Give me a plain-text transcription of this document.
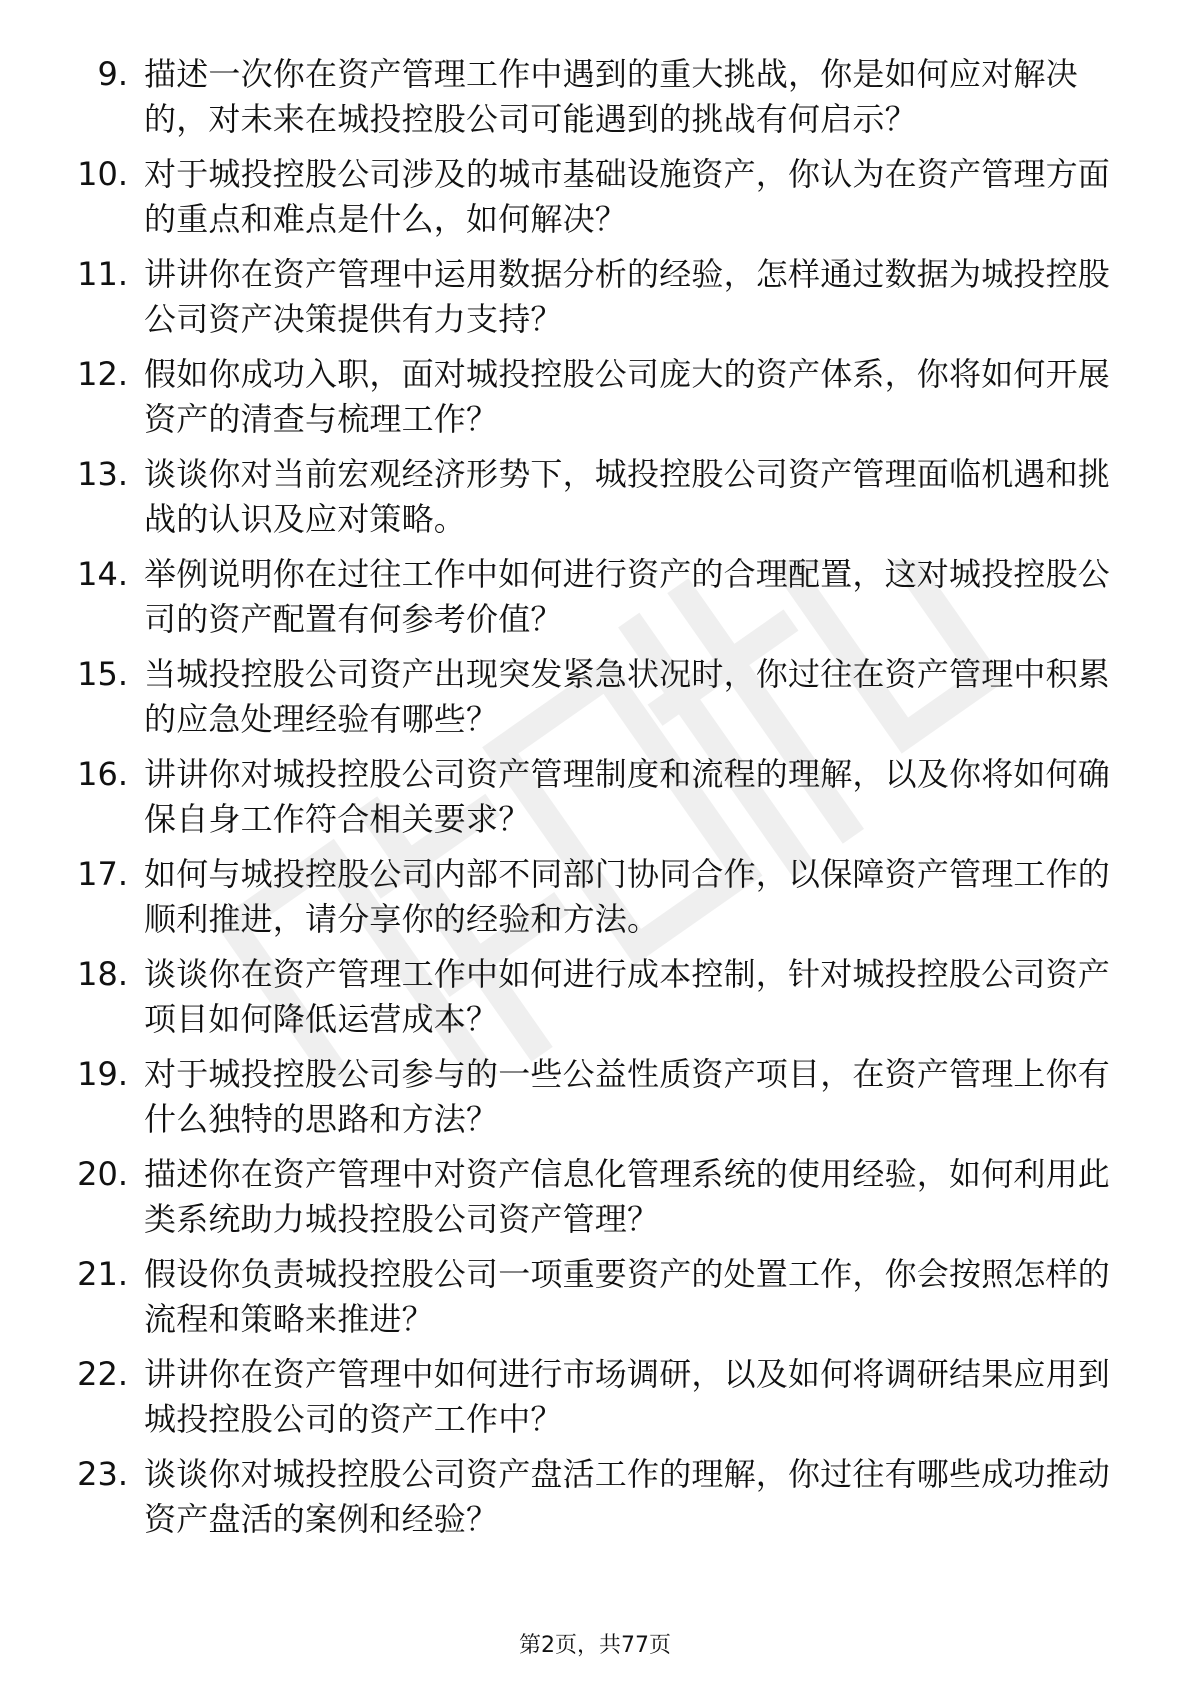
9. 描述一次你在资产管理工作中遇到的重大挑战，你是如何应对解决的，对未来在城投控股公司可能遇到的挑战有何启示？
10. 对于城投控股公司涉及的城市基础设施资产，你认为在资产管理方面的重点和难点是什么，如何解决？
11. 讲讲你在资产管理中运用数据分析的经验，怎样通过数据为城投控股公司资产决策提供有力支持？
12. 假如你成功入职，面对城投控股公司庞大的资产体系，你将如何开展资产的清查与梳理工作？
13. 谈谈你对当前宏观经济形势下，城投控股公司资产管理面临机遇和挑战的认识及应对策略。
14. 举例说明你在过往工作中如何进行资产的合理配置，这对城投控股公司的资产配置有何参考价值？
15. 当城投控股公司资产出现突发紧急状况时，你过往在资产管理中积累的应急处理经验有哪些？
16. 讲讲你对城投控股公司资产管理制度和流程的理解，以及你将如何确保自身工作符合相关要求？
17. 如何与城投控股公司内部不同部门协同合作，以保障资产管理工作的顺利推进，请分享你的经验和方法。
18. 谈谈你在资产管理工作中如何进行成本控制，针对城投控股公司资产项目如何降低运营成本？
19. 对于城投控股公司参与的一些公益性质资产项目，在资产管理上你有什么独特的思路和方法？
20. 描述你在资产管理中对资产信息化管理系统的使用经验，如何利用此类系统助力城投控股公司资产管理？
21. 假设你负责城投控股公司一项重要资产的处置工作，你会按照怎样的流程和策略来推进？
22. 讲讲你在资产管理中如何进行市场调研，以及如何将调研结果应用到城投控股公司的资产工作中？
23. 谈谈你对城投控股公司资产盘活工作的理解，你过往有哪些成功推动资产盘活的案例和经验？
第2页，共77页
